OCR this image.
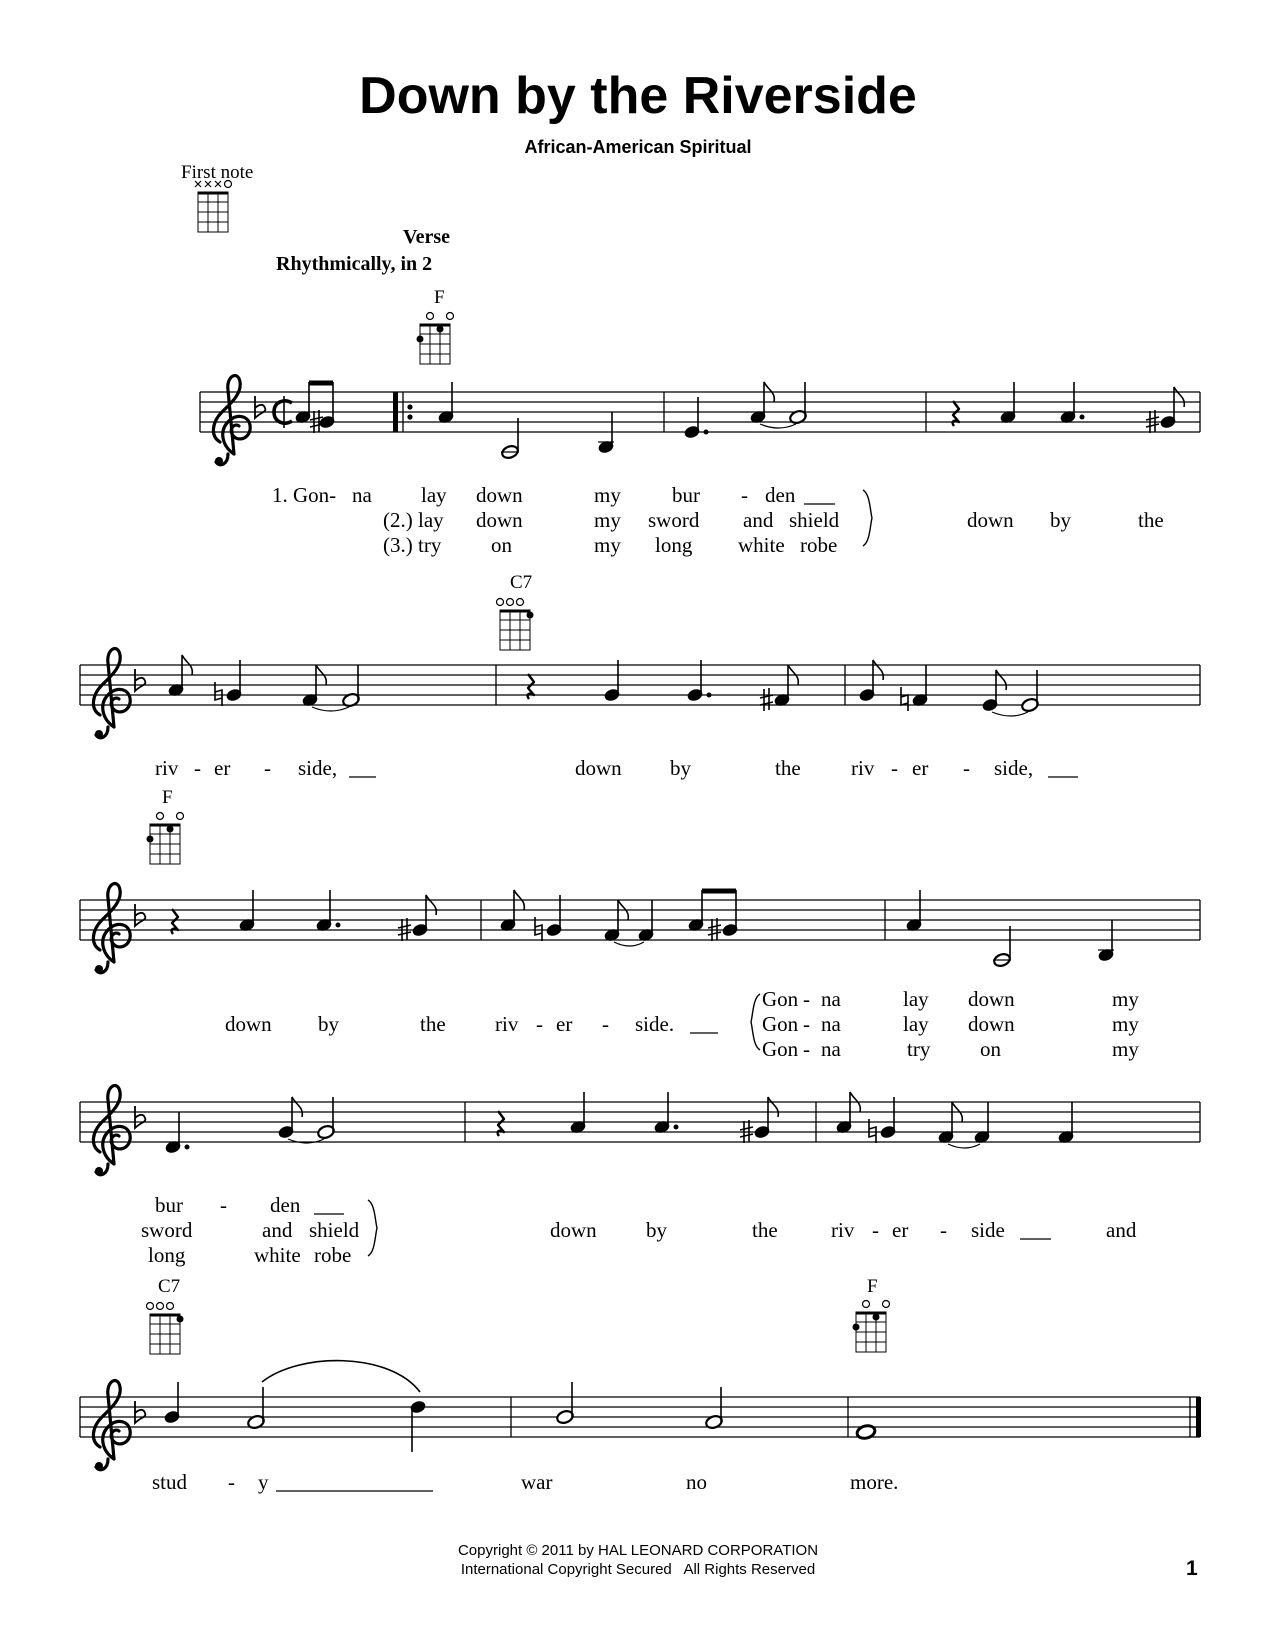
Down by the Riverside
African-American Spiritual
First note
Verse
Rhythmically, in 2
F
C7
F
C7	F
1. Gon- na lay down	my bur - den
(2.) lay down	my sword and shield
(3.) try on	my long white robe
down by	the
riv - er - side,	down by	the riv - er - side,
down by	the riv - er - side.
Gon - na	lay down	my
Gon - na	lay down	my
Gon - na	try on	my
bur - den
sword	and shield
long	white robe
down by	the	riv - er - side	and
stud - y	war	no	more.
Copyright © 2011 by HAL LEONARD CORPORATION
International Copyright Secured   All Rights Reserved	1
